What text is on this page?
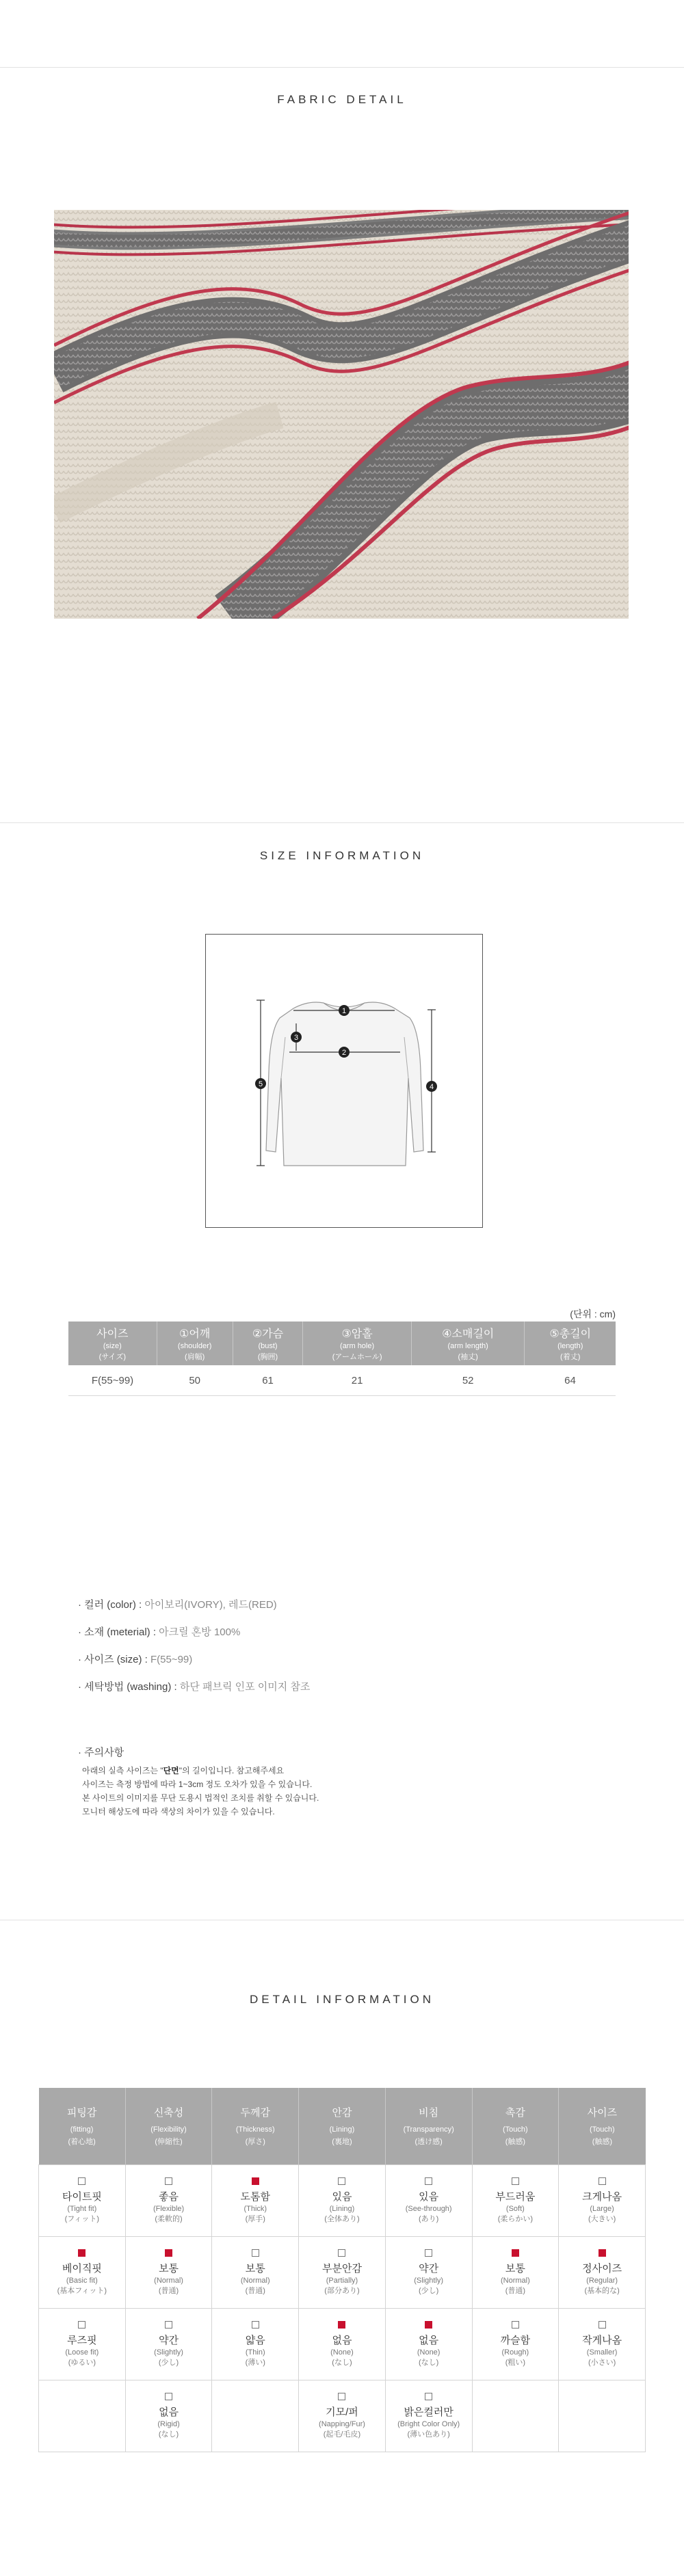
FABRIC DETAIL
SIZE INFORMATION
1
2
3
4
5
(단위 : cm)
사이즈
(size)
(サイズ)	①어깨
(shoulder)
(肩幅)	②가슴
(bust)
(胸囲)	③암홀
(arm hole)
(アームホール)	④소매길이
(arm length)
(袖丈)	⑤총길이
(length)
(着丈)

F(55~99)	50	61	21	52	64
· 컬러 (color) : 아이보리(IVORY), 레드(RED)
· 소재 (meterial) : 아크릴 혼방 100%
· 사이즈 (size) : F(55~99)
· 세탁방법 (washing) : 하단 패브릭 인포 이미지 참조
· 주의사항
아래의 실측 사이즈는 "단면"의 길이입니다. 참고해주세요
사이즈는 측정 방법에 따라 1~3cm 정도 오차가 있을 수 있습니다.
본 사이트의 이미지를 무단 도용시 법적인 조치를 취할 수 있습니다.
모니터 해상도에 따라 색상의 차이가 있을 수 있습니다.
DETAIL INFORMATION
피팅감
(fitting)
(着心地)	신축성
(Flexibility)
(伸縮性)	두께감
(Thickness)
(厚さ)	안감
(Lining)
(裏地)	비침
(Transparency)
(透け感)	촉감
(Touch)
(触感)	사이즈
(Touch)
(触感)

타이트핏
(Tight fit)
(フィット)	좋음
(Flexible)
(柔軟的)	도톰함
(Thick)
(厚手)	있음
(Lining)
(全体あり)	있음
(See-through)
(あり)	부드러움
(Soft)
(柔らかい)	크게나옴
(Large)
(大きい)

베이직핏
(Basic fit)
(基本フィット)	보통
(Normal)
(普通)	보통
(Normal)
(普通)	부분안감
(Partially)
(部分あり)	약간
(Slightly)
(少し)	보통
(Normal)
(普通)	정사이즈
(Regular)
(基本的な)

루즈핏
(Loose fit)
(ゆるい)	약간
(Slightly)
(少し)	얇음
(Thin)
(薄い)	없음
(None)
(なし)	없음
(None)
(なし)	까슬함
(Rough)
(粗い)	작게나옴
(Smaller)
(小さい)

	없음
(Rigid)
(なし)		기모/퍼
(Napping/Fur)
(起毛/毛皮)	밝은컬러만
(Bright Color Only)
(薄い色あり)		
